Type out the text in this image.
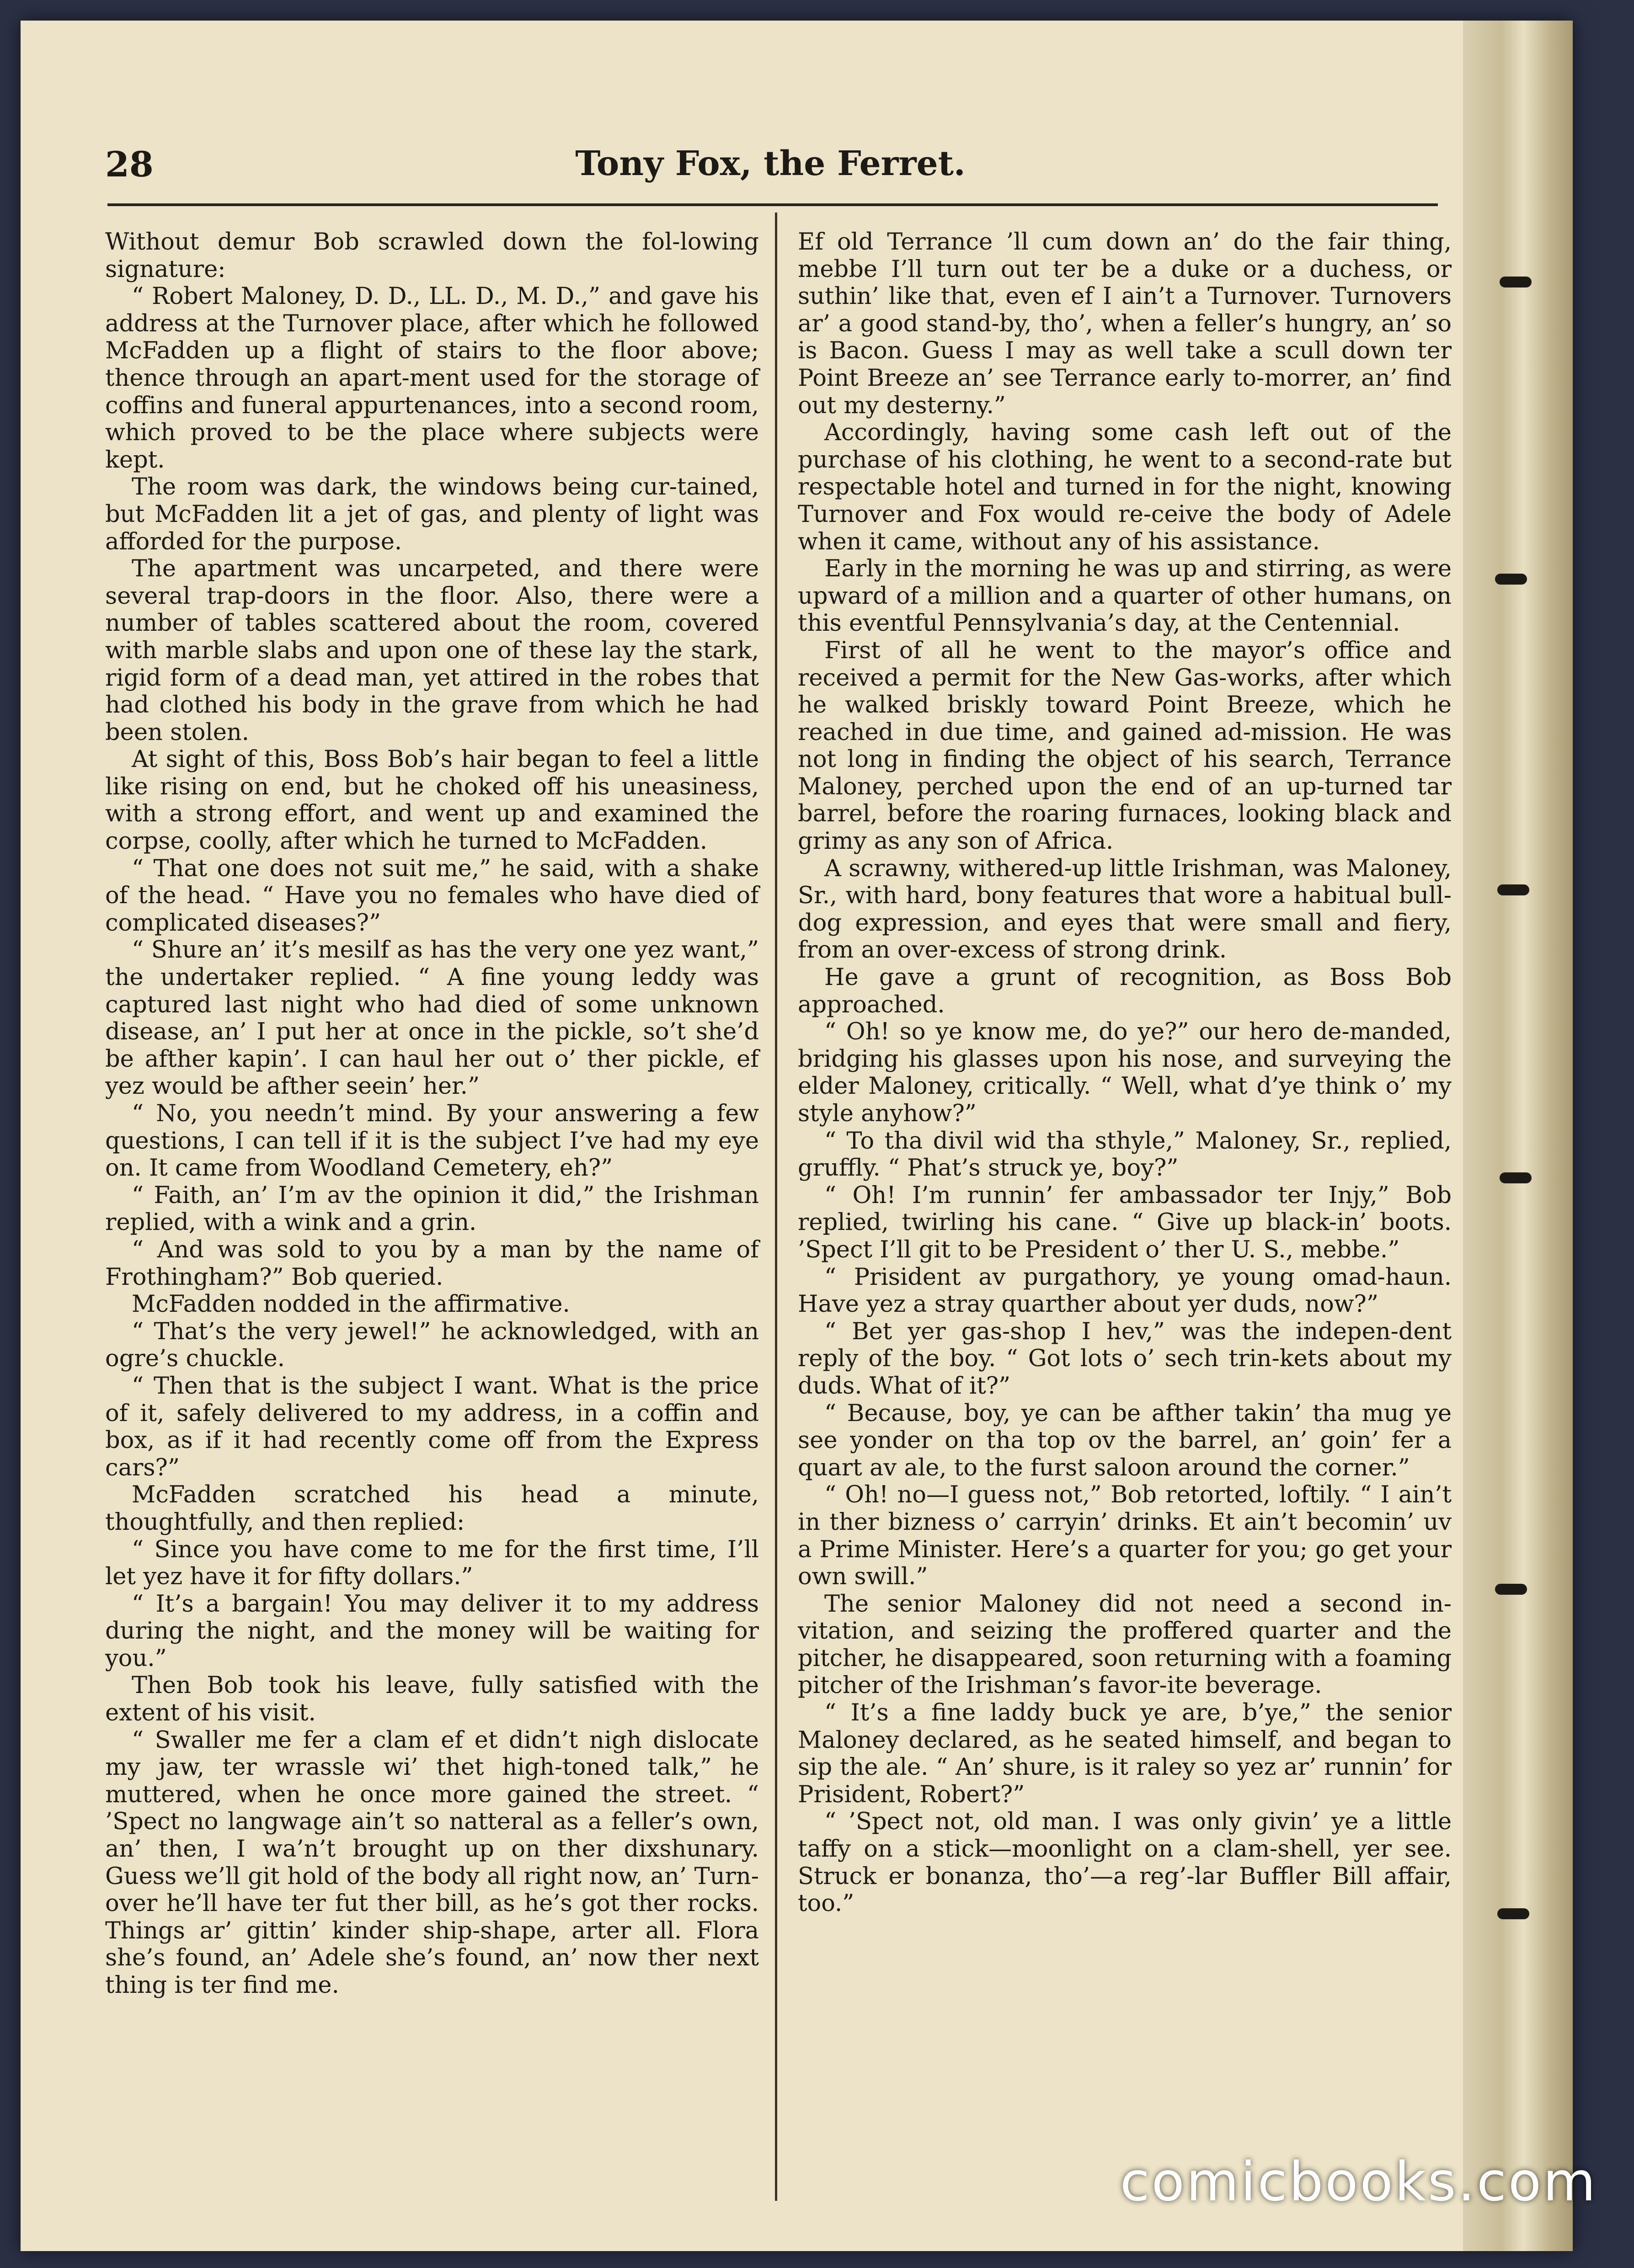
28	Tony Fox, the Ferret.

Without demur Bob scrawled down the fol-lowing signature:

“ Robert Maloney, D. D., LL. D., M. D.,” and gave his address at the Turnover place, after which he followed McFadden up a flight of stairs to the floor above; thence through an apart-ment used for the storage of coffins and funeral appurtenances, into a second room, which proved to be the place where subjects were kept.

The room was dark, the windows being cur-tained, but McFadden lit a jet of gas, and plenty of light was afforded for the purpose.

The apartment was uncarpeted, and there were several trap-doors in the floor. Also, there were a number of tables scattered about the room, covered with marble slabs and upon one of these lay the stark, rigid form of a dead man, yet attired in the robes that had clothed his body in the grave from which he had been stolen.

At sight of this, Boss Bob’s hair began to feel a little like rising on end, but he choked off his uneasiness, with a strong effort, and went up and examined the corpse, coolly, after which he turned to McFadden.

“ That one does not suit me,” he said, with a shake of the head. “ Have you no females who have died of complicated diseases?”

“ Shure an’ it’s mesilf as has the very one yez want,” the undertaker replied. “ A fine young leddy was captured last night who had died of some unknown disease, an’ I put her at once in the pickle, so’t she’d be afther kapin’. I can haul her out o’ ther pickle, ef yez would be afther seein’ her.”

“ No, you needn’t mind. By your answering a few questions, I can tell if it is the subject I’ve had my eye on. It came from Woodland Cemetery, eh?”

“ Faith, an’ I’m av the opinion it did,” the Irishman replied, with a wink and a grin.

“ And was sold to you by a man by the name of Frothingham?” Bob queried.

McFadden nodded in the affirmative.

“ That’s the very jewel!” he acknowledged, with an ogre’s chuckle.

“ Then that is the subject I want. What is the price of it, safely delivered to my address, in a coffin and box, as if it had recently come off from the Express cars?”

McFadden scratched his head a minute, thoughtfully, and then replied:

“ Since you have come to me for the first time, I’ll let yez have it for fifty dollars.”

“ It’s a bargain! You may deliver it to my address during the night, and the money will be waiting for you.”

Then Bob took his leave, fully satisfied with the extent of his visit.

“ Swaller me fer a clam ef et didn’t nigh dislocate my jaw, ter wrassle wi’ thet high-toned talk,” he muttered, when he once more gained the street. “ ’Spect no langwage ain’t so natteral as a feller’s own, an’ then, I wa’n’t brought up on ther dixshunary. Guess we’ll git hold of the body all right now, an’ Turn-over he’ll have ter fut ther bill, as he’s got ther rocks. Things ar’ gittin’ kinder ship-shape, arter all. Flora she’s found, an’ Adele she’s found, an’ now ther next thing is ter find me.

Ef old Terrance ’ll cum down an’ do the fair thing, mebbe I’ll turn out ter be a duke or a duchess, or suthin’ like that, even ef I ain’t a Turnover. Turnovers ar’ a good stand-by, tho’, when a feller’s hungry, an’ so is Bacon. Guess I may as well take a scull down ter Point Breeze an’ see Terrance early to-morrer, an’ find out my desterny.”

Accordingly, having some cash left out of the purchase of his clothing, he went to a second-rate but respectable hotel and turned in for the night, knowing Turnover and Fox would re-ceive the body of Adele when it came, without any of his assistance.

Early in the morning he was up and stirring, as were upward of a million and a quarter of other humans, on this eventful Pennsylvania’s day, at the Centennial.

First of all he went to the mayor’s office and received a permit for the New Gas-works, after which he walked briskly toward Point Breeze, which he reached in due time, and gained ad-mission. He was not long in finding the object of his search, Terrance Maloney, perched upon the end of an up-turned tar barrel, before the roaring furnaces, looking black and grimy as any son of Africa.

A scrawny, withered-up little Irishman, was Maloney, Sr., with hard, bony features that wore a habitual bull-dog expression, and eyes that were small and fiery, from an over-excess of strong drink.

He gave a grunt of recognition, as Boss Bob approached.

“ Oh! so ye know me, do ye?” our hero de-manded, bridging his glasses upon his nose, and surveying the elder Maloney, critically. “ Well, what d’ye think o’ my style anyhow?”

“ To tha divil wid tha sthyle,” Maloney, Sr., replied, gruffly. “ Phat’s struck ye, boy?”

“ Oh! I’m runnin’ fer ambassador ter Injy,” Bob replied, twirling his cane. “ Give up black-in’ boots. ’Spect I’ll git to be President o’ ther U. S., mebbe.”

“ Prisident av purgathory, ye young omad-haun. Have yez a stray quarther about yer duds, now?”

“ Bet yer gas-shop I hev,” was the indepen-dent reply of the boy. “ Got lots o’ sech trin-kets about my duds. What of it?”

“ Because, boy, ye can be afther takin’ tha mug ye see yonder on tha top ov the barrel, an’ goin’ fer a quart av ale, to the furst saloon around the corner.”

“ Oh! no—I guess not,” Bob retorted, loftily. “ I ain’t in ther bizness o’ carryin’ drinks. Et ain’t becomin’ uv a Prime Minister. Here’s a quarter for you; go get your own swill.”

The senior Maloney did not need a second in-vitation, and seizing the proffered quarter and the pitcher, he disappeared, soon returning with a foaming pitcher of the Irishman’s favor-ite beverage.

“ It’s a fine laddy buck ye are, b’ye,” the senior Maloney declared, as he seated himself, and began to sip the ale. “ An’ shure, is it raley so yez ar’ runnin’ for Prisident, Robert?”

“ ’Spect not, old man. I was only givin’ ye a little taffy on a stick—moonlight on a clam-shell, yer see. Struck er bonanza, tho’—a reg’-lar Buffler Bill affair, too.”

comicbooks.com
